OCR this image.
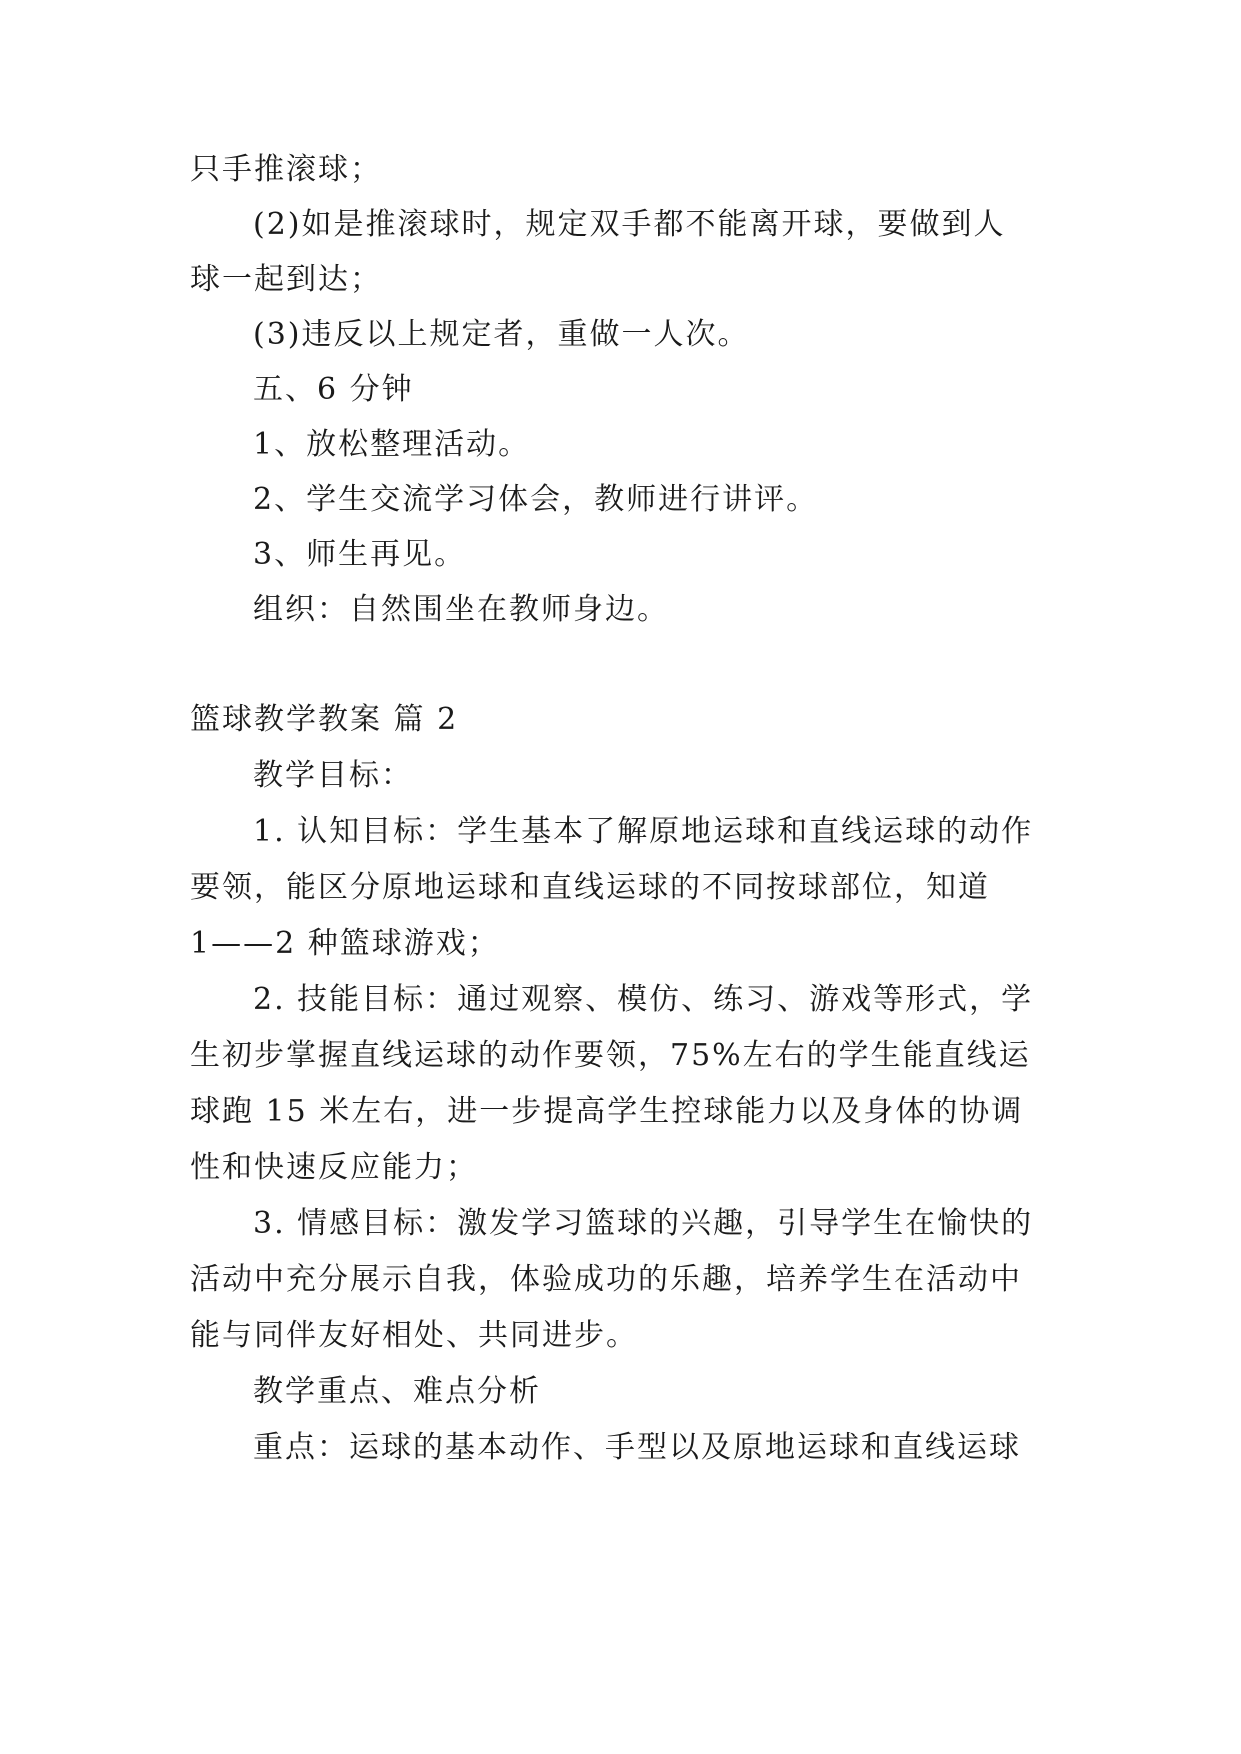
只手推滚球；
(2)如是推滚球时，规定双手都不能离开球，要做到人
球一起到达；
(3)违反以上规定者，重做一人次。
五、6 分钟
1、放松整理活动。
2、学生交流学习体会，教师进行讲评。
3、师生再见。
组织：自然围坐在教师身边。
篮球教学教案 篇 2
教学目标：
1. 认知目标：学生基本了解原地运球和直线运球的动作
要领，能区分原地运球和直线运球的不同按球部位，知道
1——2 种篮球游戏；
2. 技能目标：通过观察、模仿、练习、游戏等形式，学
生初步掌握直线运球的动作要领，75%左右的学生能直线运
球跑 15 米左右，进一步提高学生控球能力以及身体的协调
性和快速反应能力；
3. 情感目标：激发学习篮球的兴趣，引导学生在愉快的
活动中充分展示自我，体验成功的乐趣，培养学生在活动中
能与同伴友好相处、共同进步。
教学重点、难点分析
重点：运球的基本动作、手型以及原地运球和直线运球
